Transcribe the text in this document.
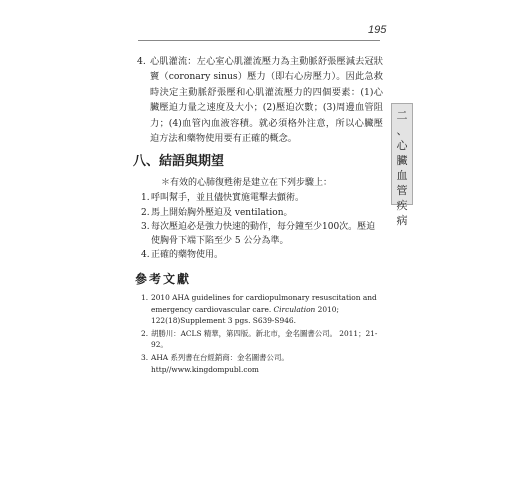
195
二
、
心
臟
血
管
疾
病
4. 心肌灌流：左心室心肌灌流壓力為主動脈舒張壓減去冠狀竇（coronary sinus）壓力（即右心房壓力）。因此急救時決定主動脈舒張壓和心肌灌流壓力的四個要素：(1)心臟壓迫力量之速度及大小；(2)壓迫次數；(3)周邊血管阻力；(4)血管內血液容積。就必須格外注意，所以心臟壓迫方法和藥物使用要有正確的概念。
八、結語與期望
＊有效的心肺復甦術是建立在下列步驟上：
1. 呼叫幫手，並且儘快實施電擊去顫術。
2. 馬上開始胸外壓迫及 ventilation。
3. 每次壓迫必是強力快速的動作，每分鐘至少100次。壓迫使胸骨下端下陷至少 5 公分為準。
4. 正確的藥物使用。
參考文獻
1. 2010 AHA guidelines for cardiopulmonary resuscitation and emergency cardiovascular care. Circulation 2010; 122(18)Supplement 3 pgs. S639-S946.
2. 胡勝川：ACLS 精華，第四版。新北市，金名圖書公司。 2011；21-92。
3. AHA 系列書在台經銷商：金名圖書公司。http//www.kingdompubl.com
